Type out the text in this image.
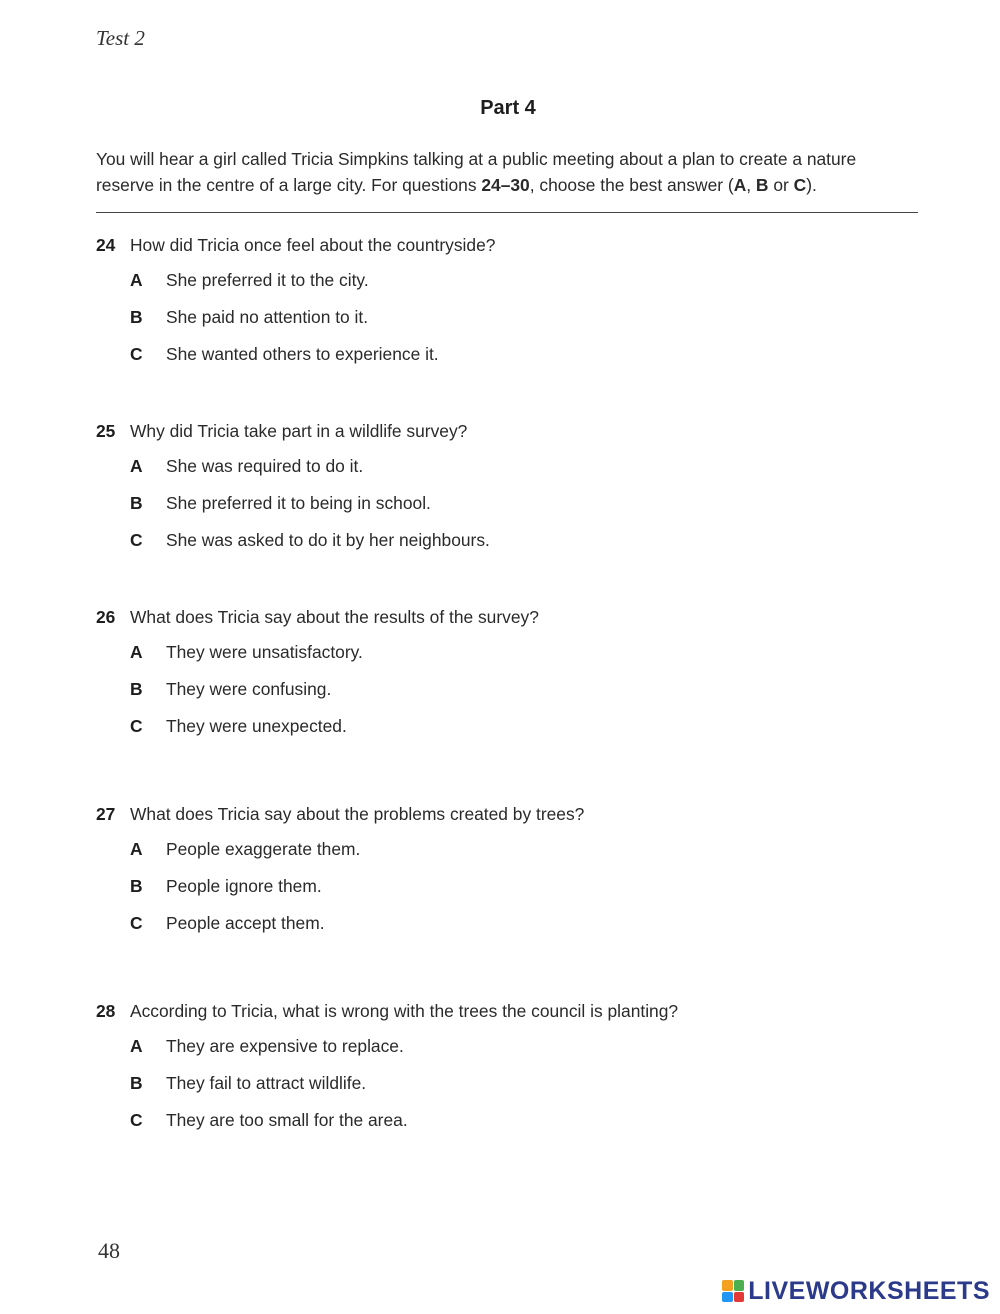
Test 2
Part 4
You will hear a girl called Tricia Simpkins talking at a public meeting about a plan to create a nature
reserve in the centre of a large city. For questions 24–30, choose the best answer (A, B or C).
24 How did Tricia once feel about the countryside?
A She preferred it to the city.
B She paid no attention to it.
C She wanted others to experience it.
25 Why did Tricia take part in a wildlife survey?
A She was required to do it.
B She preferred it to being in school.
C She was asked to do it by her neighbours.
26 What does Tricia say about the results of the survey?
A They were unsatisfactory.
B They were confusing.
C They were unexpected.
27 What does Tricia say about the problems created by trees?
A People exaggerate them.
B People ignore them.
C People accept them.
28 According to Tricia, what is wrong with the trees the council is planting?
A They are expensive to replace.
B They fail to attract wildlife.
C They are too small for the area.
48
LIVEWORKSHEETS
